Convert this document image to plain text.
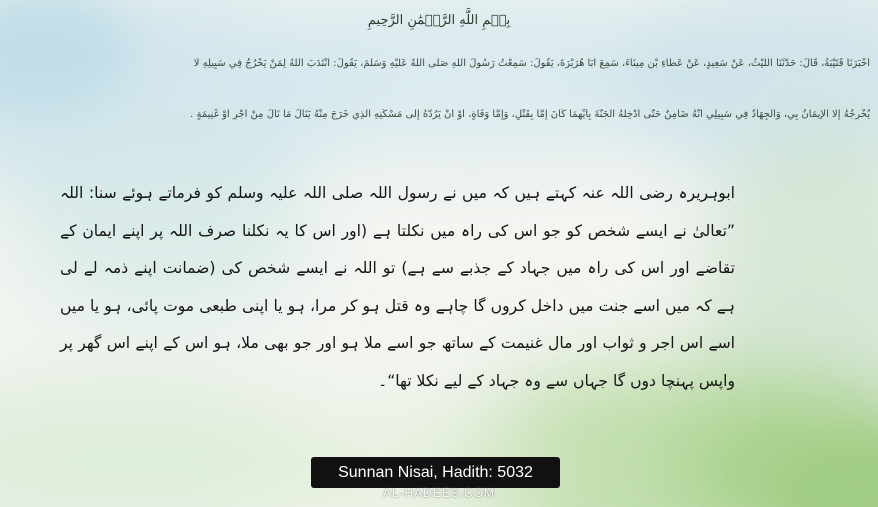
بِسۡمِ اللَّهِ الرَّحۡمَٰنِ الرَّحِيمِ
أَخْبَرَنَا قُتَيْبَةُ، قَالَ: حَدَّثَنَا اللَّيْثُ، عَنْ سَعِيدٍ، عَنْ عَطَاءِ بْنِ مِينَاءَ، سَمِعَ أَبَا هُرَيْرَةَ، يَقُولُ: سَمِعْتُ رَسُولَ اللَّهِ صَلَّى اللَّهُ عَلَيْهِ وَسَلَّمَ، يَقُولُ: انْتَدَبَ اللَّهُ لِمَنْ يَخْرُجُ فِي سَبِيلِهِ لَا
يُخْرِجُهُ إِلَّا الْإِيمَانُ بِي، وَالْجِهَادُ فِي سَبِيلِي أَنَّهُ ضَامِنٌ حَتَّى أُدْخِلَهُ الْجَنَّةَ بِأَيِّهِمَا كَانَ إِمَّا بِقَتْلٍ، وَإِمَّا وَفَاةٍ، أَوْ أَنْ يَرُدَّهُ إِلَى مَسْكَنِهِ الَّذِي خَرَجَ مِنْهُ يَنَالُ مَا نَالَ مِنْ أَجْرٍ أَوْ غَنِيمَةٍ .
ابوہریرہ رضی اللہ عنہ کہتے ہیں کہ میں نے رسول اللہ صلی اللہ علیہ وسلم کو فرماتے ہوئے سنا: اللہ ”تعالیٰ نے ایسے شخص کو جو اس کی راہ میں نکلتا ہے (اور اس کا یہ نکلنا صرف اللہ پر اپنے ایمان کے تقاضے اور اس کی راہ میں جہاد کے جذبے سے ہے) تو اللہ نے ایسے شخص کی (ضمانت اپنے ذمہ لے لی ہے کہ میں اسے جنت میں داخل کروں گا چاہے وہ قتل ہو کر مرا، ہو یا اپنی طبعی موت پائی، ہو یا میں اسے اس اجر و ثواب اور مال غنیمت کے ساتھ جو اسے ملا ہو اور جو بھی ملا، ہو اس کے اپنے اس گھر پر واپس پہنچا دوں گا جہاں سے وہ جہاد کے لیے نکلا تھا“۔
Sunnan Nisai, Hadith: 5032
AL-HADEES.COM
